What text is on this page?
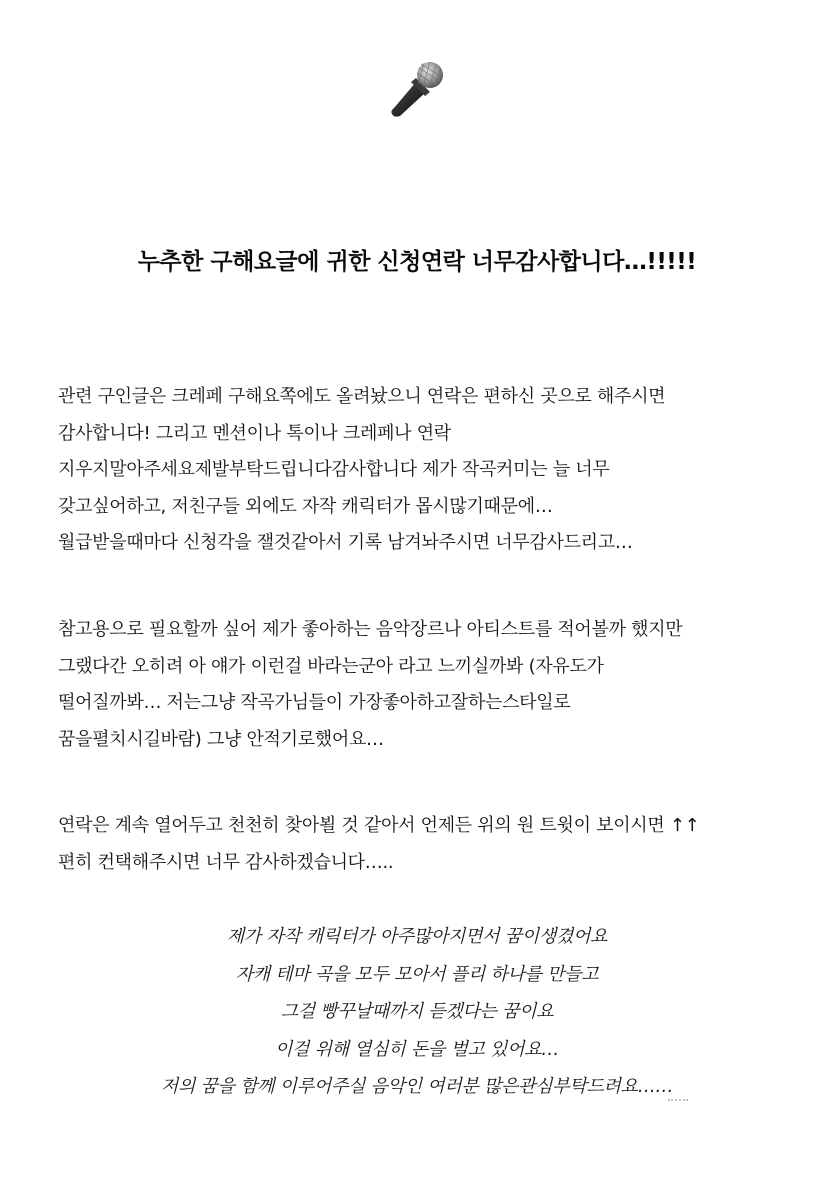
누추한 구해요글에 귀한 신청연락 너무감사합니다…!!!!!
관련 구인글은 크레페 구해요쪽에도 올려놨으니 연락은 편하신 곳으로 해주시면
감사합니다! 그리고 멘션이나 톡이나 크레페나 연락
지우지말아주세요제발부탁드립니다감사합니다 제가 작곡커미는 늘 너무
갖고싶어하고, 저친구들 외에도 자작 캐릭터가 몹시많기때문에…
월급받을때마다 신청각을 잴것같아서 기록 남겨놔주시면 너무감사드리고…
참고용으로 필요할까 싶어 제가 좋아하는 음악장르나 아티스트를 적어볼까 했지만
그랬다간 오히려 아 얘가 이런걸 바라는군아 라고 느끼실까봐 (자유도가
떨어질까봐… 저는그냥 작곡가님들이 가장좋아하고잘하는스타일로
꿈을펼치시길바람) 그냥 안적기로했어요…
연락은 계속 열어두고 천천히 찾아뵐 것 같아서 언제든 위의 원 트윗이 보이시면 ↑↑
편히 컨택해주시면 너무 감사하겠습니다…..
제가 자작 캐릭터가 아주많아지면서 꿈이생겼어요
자캐 테마 곡을 모두 모아서 플리 하나를 만들고
그걸 빵꾸날때까지 듣겠다는 꿈이요
이걸 위해 열심히 돈을 벌고 있어요…
저의 꿈을 함께 이루어주실 음악인 여러분 많은관심부탁드려요……
